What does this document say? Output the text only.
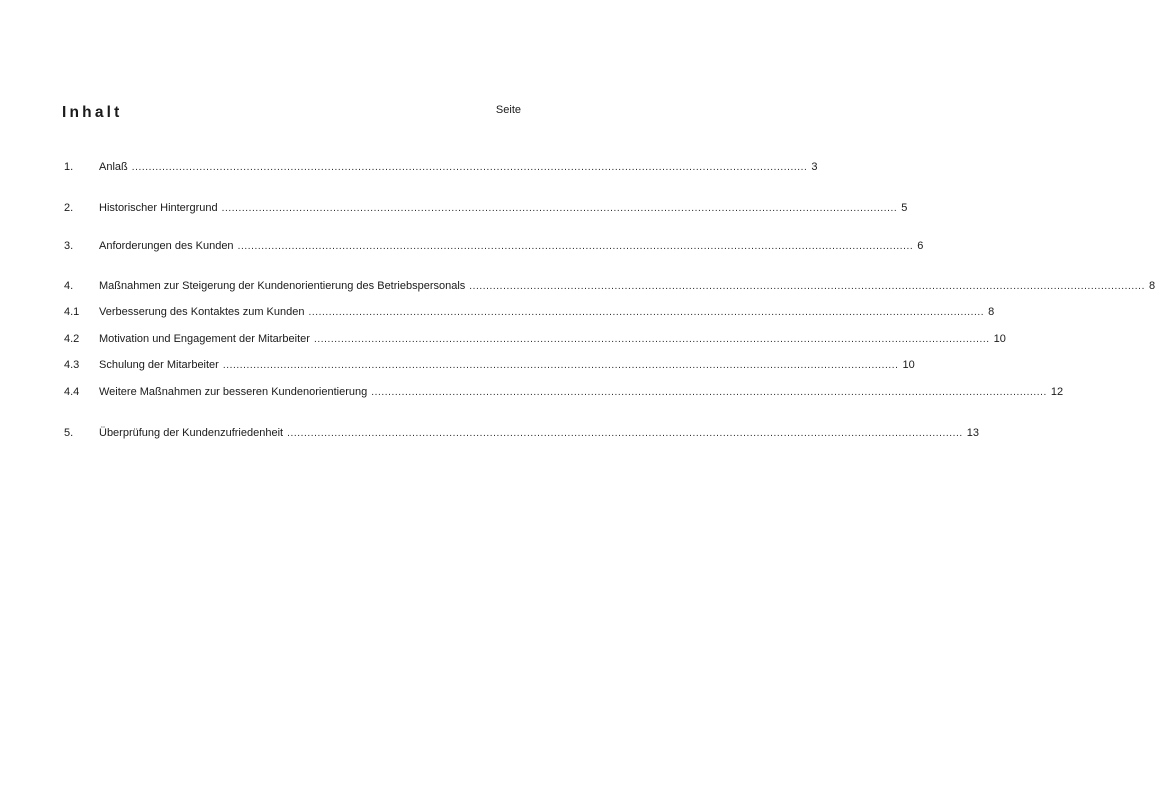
Inhalt	Seite
1. Anlaß ........................................................................................................................................................................................................ 3
2. Historischer Hintergrund ........................................................................................................................................................................................................ 5
3. Anforderungen des Kunden ........................................................................................................................................................................................................ 6
4. Maßnahmen zur Steigerung der Kundenorientierung des Betriebspersonals ........................................................................................................................................................................................................ 8
4.1 Verbesserung des Kontaktes zum Kunden ........................................................................................................................................................................................................ 8
4.2 Motivation und Engagement der Mitarbeiter ........................................................................................................................................................................................................ 10
4.3 Schulung der Mitarbeiter ........................................................................................................................................................................................................ 10
4.4 Weitere Maßnahmen zur besseren Kundenorientierung ........................................................................................................................................................................................................ 12
5. Überprüfung der Kundenzufriedenheit ........................................................................................................................................................................................................ 13
